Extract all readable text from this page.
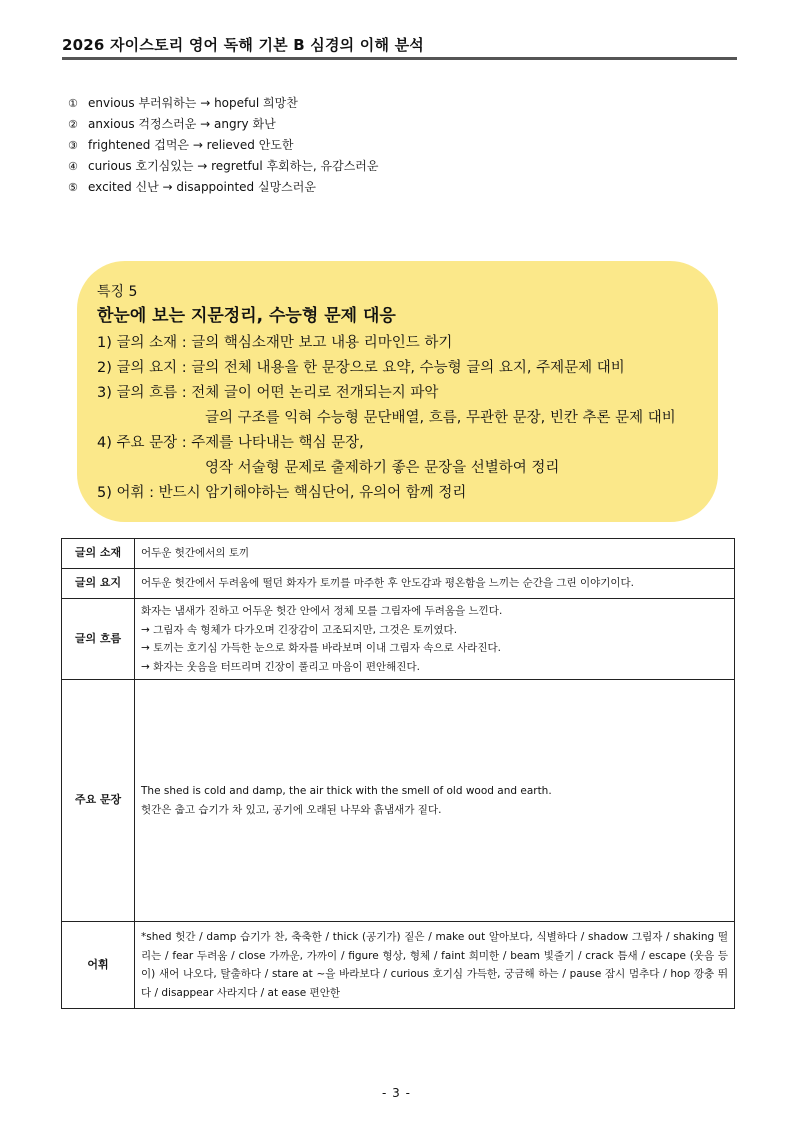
2026 자이스토리 영어 독해 기본 B 심경의 이해 분석
① envious 부러워하는 → hopeful 희망찬
② anxious 걱정스러운 → angry 화난
③ frightened 겁먹은 → relieved 안도한
④ curious 호기심있는 → regretful 후회하는, 유감스러운
⑤ excited 신난 → disappointed 실망스러운
특징 5
한눈에 보는 지문정리, 수능형 문제 대응
1) 글의 소재 : 글의 핵심소재만 보고 내용 리마인드 하기
2) 글의 요지 : 글의 전체 내용을 한 문장으로 요약, 수능형 글의 요지, 주제문제 대비
3) 글의 흐름 : 전체 글이 어떤 논리로 전개되는지 파악
글의 구조를 익혀 수능형 문단배열, 흐름, 무관한 문장, 빈칸 추론 문제 대비
4) 주요 문장 : 주제를 나타내는 핵심 문장,
영작 서술형 문제로 출제하기 좋은 문장을 선별하여 정리
5) 어휘 : 반드시 암기해야하는 핵심단어, 유의어 함께 정리
글의 소재	어두운 헛간에서의 토끼
글의 요지	어두운 헛간에서 두려움에 떨던 화자가 토끼를 마주한 후 안도감과 평온함을 느끼는 순간을 그린 이야기이다.
글의 흐름	화자는 냄새가 진하고 어두운 헛간 안에서 정체 모를 그림자에 두려움을 느낀다.
→ 그림자 속 형체가 다가오며 긴장감이 고조되지만, 그것은 토끼였다.
→ 토끼는 호기심 가득한 눈으로 화자를 바라보며 이내 그림자 속으로 사라진다.
→ 화자는 웃음을 터뜨리며 긴장이 풀리고 마음이 편안해진다.

주요 문장	The shed is cold and damp, the air thick with the smell of old wood and earth.
헛간은 춥고 습기가 차 있고, 공기에 오래된 나무와 흙냄새가 짙다.

어휘	*shed 헛간 / damp 습기가 찬, 축축한 / thick (공기가) 짙은 / make out 알아보다, 식별하다 / shadow 그림자 / shaking 떨리는 / fear 두려움 / close 가까운, 가까이 / figure 형상, 형체 / faint 희미한 / beam 빛줄기 / crack 틈새 / escape (웃음 등이) 새어 나오다, 탈출하다 / stare at ~을 바라보다 / curious 호기심 가득한, 궁금해 하는 / pause 잠시 멈추다 / hop 깡충 뛰다 / disappear 사라지다 / at ease 편안한
- 3 -
